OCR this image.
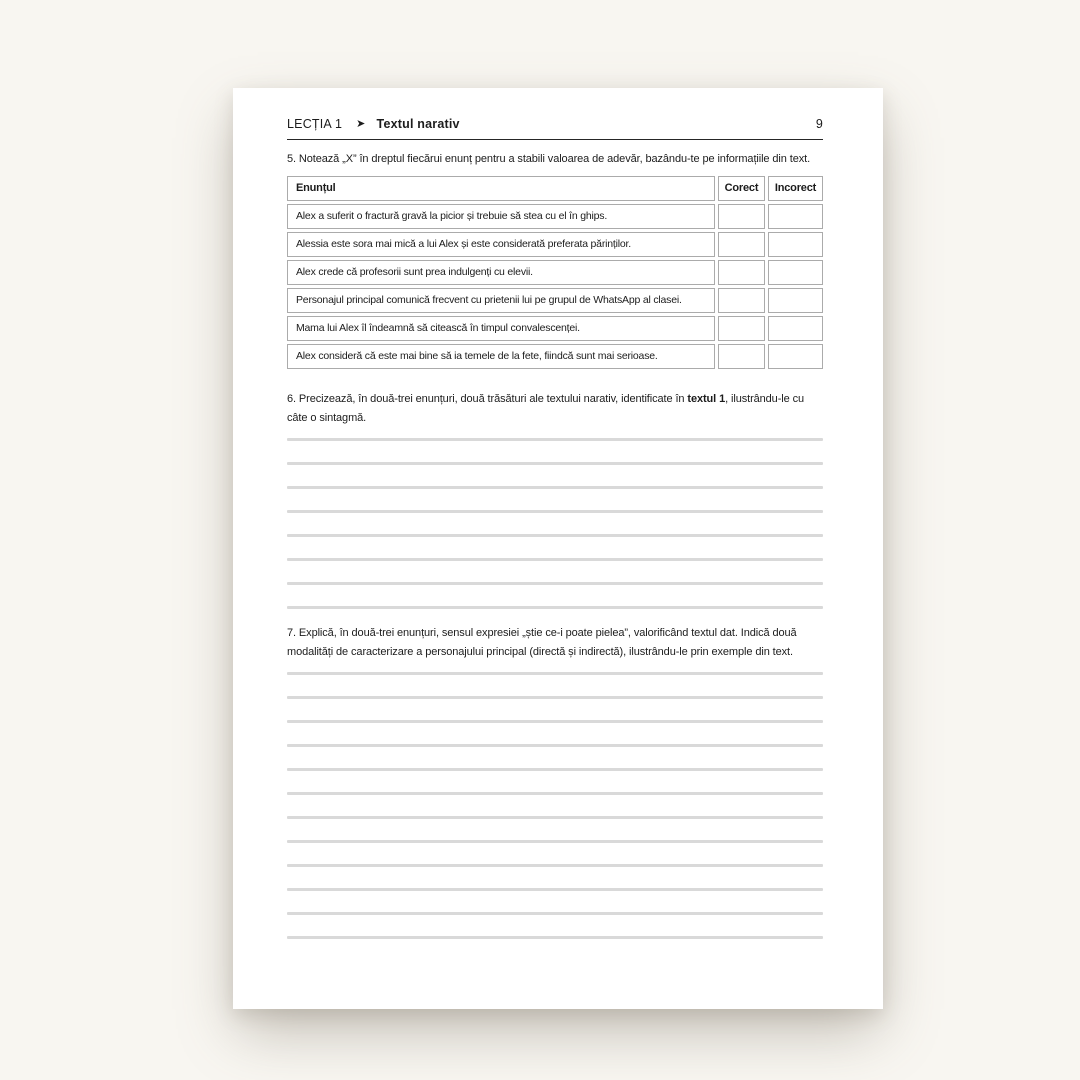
LECȚIA 1 ➤ Textul narativ	9

5. Notează „X” în dreptul fiecărui enunț pentru a stabili valoarea de adevăr, bazându-te pe informațiile din text.

Enunțul	Corect	Incorect
Alex a suferit o fractură gravă la picior și trebuie să stea cu el în ghips.		
Alessia este sora mai mică a lui Alex și este considerată preferata părinților.		
Alex crede că profesorii sunt prea indulgenți cu elevii.		
Personajul principal comunică frecvent cu prietenii lui pe grupul de WhatsApp al clasei.		
Mama lui Alex îl îndeamnă să citească în timpul convalescenței.		
Alex consideră că este mai bine să ia temele de la fete, fiindcă sunt mai serioase.		

6. Precizează, în două-trei enunțuri, două trăsături ale textului narativ, identificate în textul 1, ilustrându-le cu câte o sintagmă.

7. Explică, în două-trei enunțuri, sensul expresiei „știe ce-i poate pielea”, valorificând textul dat. Indică două modalități de caracterizare a personajului principal (directă și indirectă), ilustrându-le prin exemple din text.
